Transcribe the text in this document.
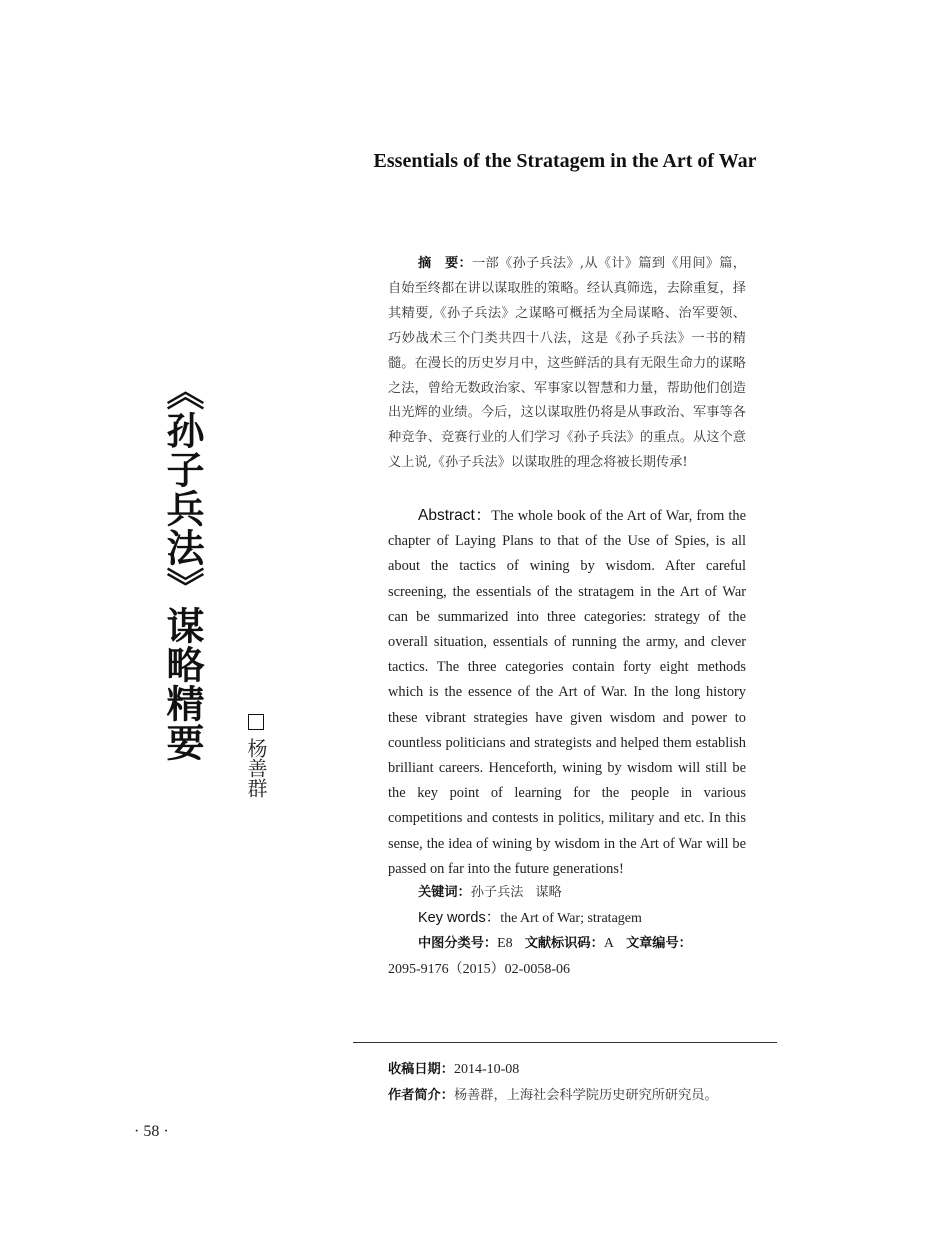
Essentials of the Stratagem in the Art of War
《孙子兵法》谋略精要
杨善群

摘　要：一部《孙子兵法》,从《计》篇到《用间》篇，自始至终都在讲以谋取胜的策略。经认真筛选，去除重复，择其精要,《孙子兵法》之谋略可概括为全局谋略、治军要领、巧妙战术三个门类共四十八法，这是《孙子兵法》一书的精髓。在漫长的历史岁月中，这些鲜活的具有无限生命力的谋略之法，曾给无数政治家、军事家以智慧和力量，帮助他们创造出光辉的业绩。今后，这以谋取胜仍将是从事政治、军事等各种竞争、竞赛行业的人们学习《孙子兵法》的重点。从这个意义上说,《孙子兵法》以谋取胜的理念将被长期传承!

Abstract：The whole book of the Art of War, from the chapter of Laying Plans to that of the Use of Spies, is all about the tactics of wining by wisdom. After careful screening, the essentials of the stratagem in the Art of War can be summarized into three categories: strategy of the overall situation, essentials of running the army, and clever tactics. The three categories contain forty eight methods which is the essence of the Art of War. In the long history these vibrant strategies have given wisdom and power to countless politicians and strategists and helped them establish brilliant careers. Henceforth, wining by wisdom will still be the key point of learning for the people in various competitions and contests in politics, military and etc. In this sense, the idea of wining by wisdom in the Art of War will be passed on far into the future generations!

关键词：孙子兵法 谋略

Key words：the Art of War; stratagem

中图分类号：E8 文献标识码：A 文章编号：

2095-9176（2015）02-0058-06

收稿日期：2014-10-08

作者简介：杨善群，上海社会科学院历史研究所研究员。

· 58 ·
